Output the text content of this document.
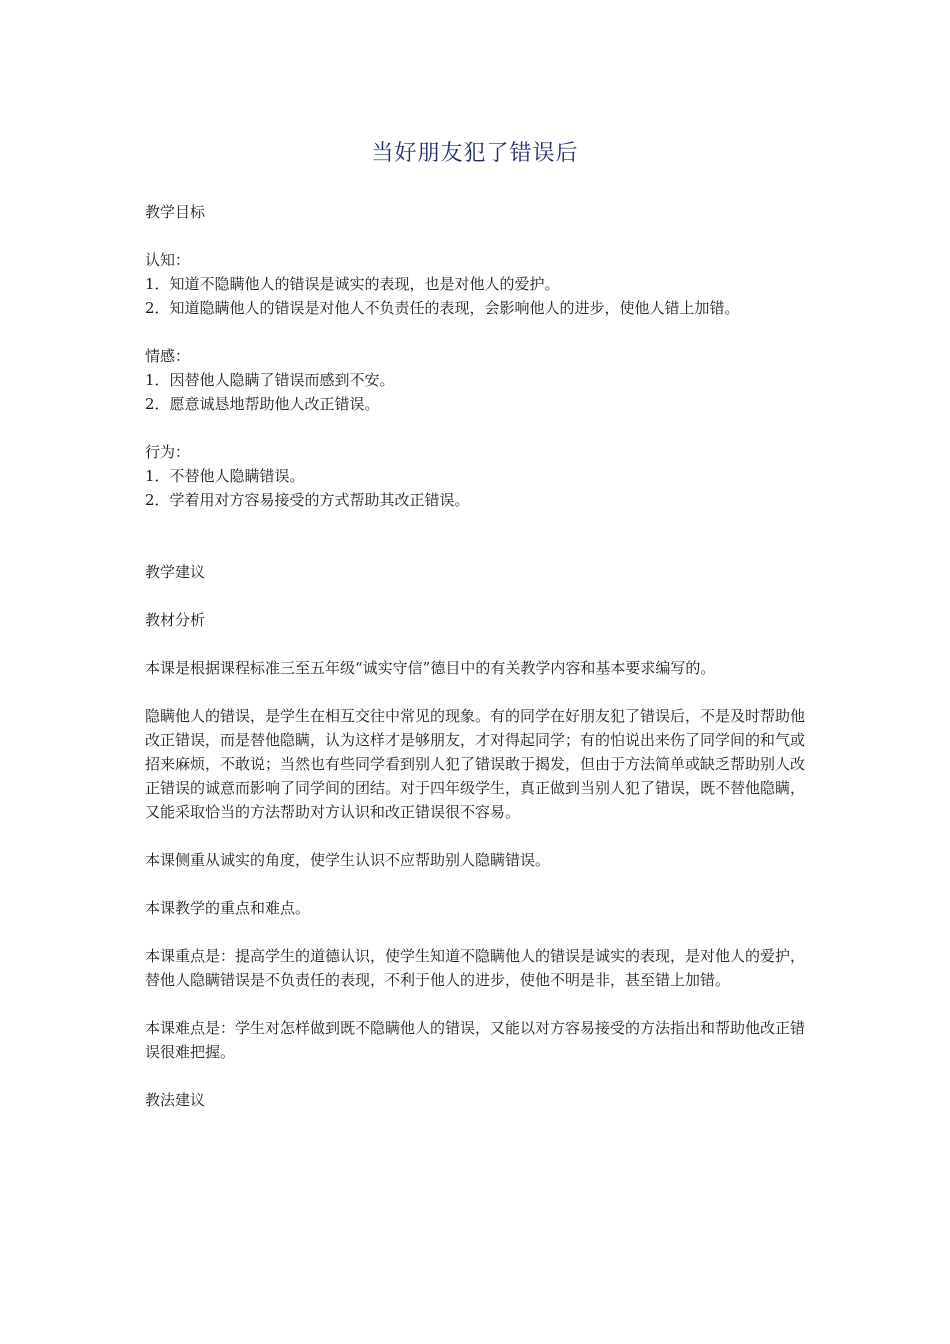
当好朋友犯了错误后

教学目标

认知：

1．知道不隐瞒他人的错误是诚实的表现，也是对他人的爱护。

2．知道隐瞒他人的错误是对他人不负责任的表现，会影响他人的进步，使他人错上加错。

情感：

1．因替他人隐瞒了错误而感到不安。

2．愿意诚恳地帮助他人改正错误。

行为：

1．不替他人隐瞒错误。

2．学着用对方容易接受的方式帮助其改正错误。

教学建议

教材分析

本课是根据课程标准三至五年级“诚实守信”德目中的有关教学内容和基本要求编写的。

隐瞒他人的错误，是学生在相互交往中常见的现象。有的同学在好朋友犯了错误后，不是及时帮助他改正错误，而是替他隐瞒，认为这样才是够朋友，才对得起同学；有的怕说出来伤了同学间的和气或招来麻烦，不敢说；当然也有些同学看到别人犯了错误敢于揭发，但由于方法简单或缺乏帮助别人改正错误的诚意而影响了同学间的团结。对于四年级学生，真正做到当别人犯了错误，既不替他隐瞒，又能采取恰当的方法帮助对方认识和改正错误很不容易。

本课侧重从诚实的角度，使学生认识不应帮助别人隐瞒错误。

本课教学的重点和难点。

本课重点是：提高学生的道德认识，使学生知道不隐瞒他人的错误是诚实的表现，是对他人的爱护，替他人隐瞒错误是不负责任的表现，不利于他人的进步，使他不明是非，甚至错上加错。

本课难点是：学生对怎样做到既不隐瞒他人的错误，又能以对方容易接受的方法指出和帮助他改正错误很难把握。

教法建议
